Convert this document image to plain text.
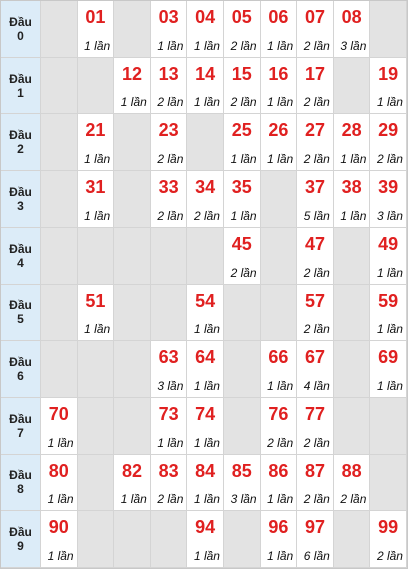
Đầu
0
01
1 lần
03
1 lần
04
1 lần
05
2 lần
06
1 lần
07
2 lần
08
3 lần
Đầu
1
12
1 lần
13
2 lần
14
1 lần
15
2 lần
16
1 lần
17
2 lần
19
1 lần
Đầu
2
21
1 lần
23
2 lần
25
1 lần
26
1 lần
27
2 lần
28
1 lần
29
2 lần
Đầu
3
31
1 lần
33
2 lần
34
2 lần
35
1 lần
37
5 lần
38
1 lần
39
3 lần
Đầu
4
45
2 lần
47
2 lần
49
1 lần
Đầu
5
51
1 lần
54
1 lần
57
2 lần
59
1 lần
Đầu
6
63
3 lần
64
1 lần
66
1 lần
67
4 lần
69
1 lần
Đầu
7
70
1 lần
73
1 lần
74
1 lần
76
2 lần
77
2 lần
Đầu
8
80
1 lần
82
1 lần
83
2 lần
84
1 lần
85
3 lần
86
1 lần
87
2 lần
88
2 lần
Đầu
9
90
1 lần
94
1 lần
96
1 lần
97
6 lần
99
2 lần
